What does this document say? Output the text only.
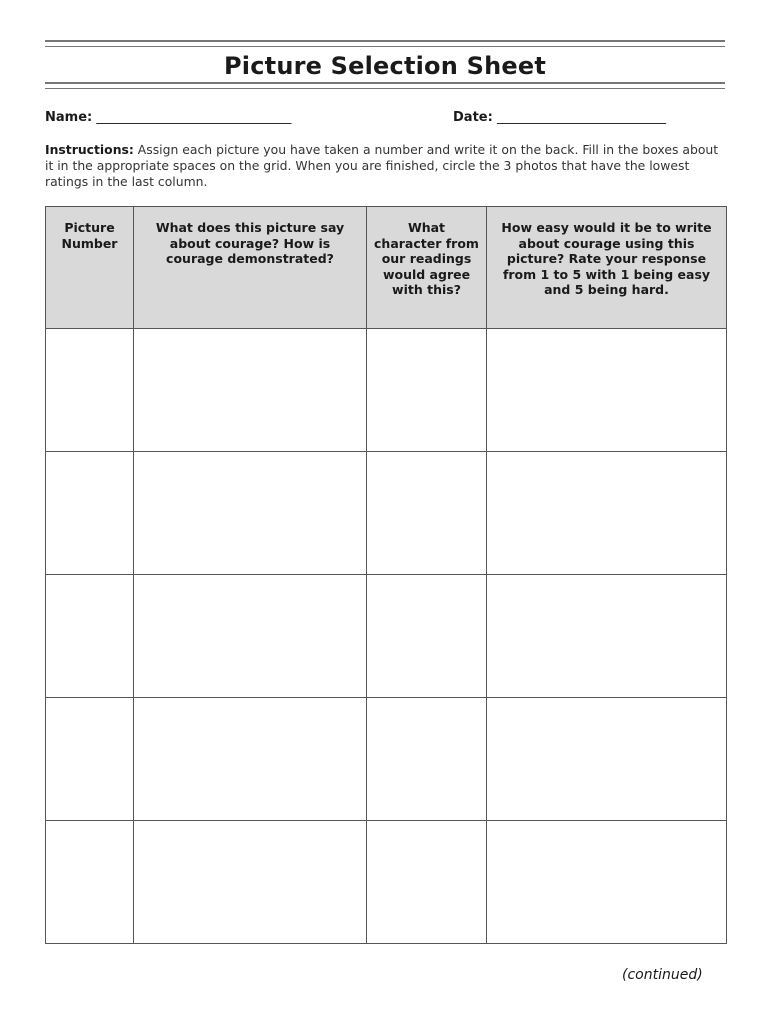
Picture Selection Sheet
Name: ______________________________	Date: __________________________
Instructions: Assign each picture you have taken a number and write it on the back. Fill in the boxes about it in the appropriate spaces on the grid. When you are finished, circle the 3 photos that have the lowest ratings in the last column.
Picture Number	What does this picture say about courage? How is courage demonstrated?	What character from our readings would agree with this?	How easy would it be to write about courage using this picture? Rate your response from 1 to 5 with 1 being easy and 5 being hard.

(continued)
